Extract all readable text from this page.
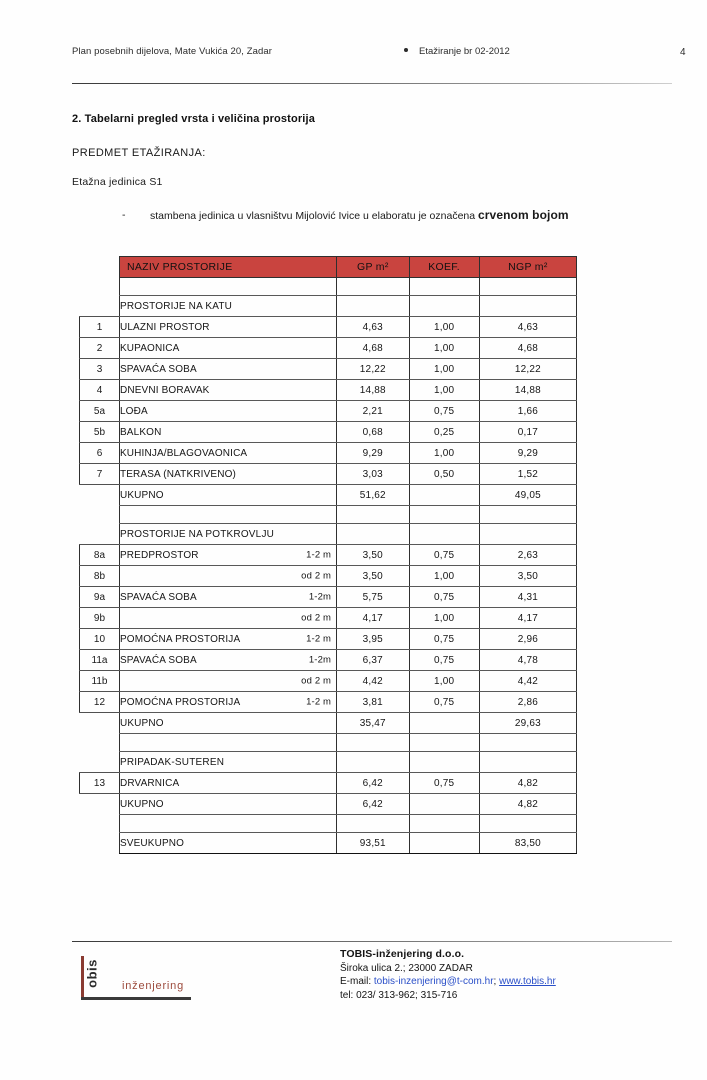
Plan posebnih dijelova, Mate Vukića 20, Zadar	Etažiranje br 02-2012	4
2. Tabelarni pregled vrsta i veličina prostorija
PREDMET ETAŽIRANJA:
Etažna jedinica S1
- stambena jedinica u vlasništvu Mijolović Ivice u elaboratu je označena crvenom bojom
	NAZIV PROSTORIJE	GP m²	KOEF.	NGP m²

	PROSTORIJE NA KATU			
1	ULAZNI PROSTOR	4,63	1,00	4,63
2	KUPAONICA	4,68	1,00	4,68
3	SPAVAĆA SOBA	12,22	1,00	12,22
4	DNEVNI BORAVAK	14,88	1,00	14,88
5a	LOĐA	2,21	0,75	1,66
5b	BALKON	0,68	0,25	0,17
6	KUHINJA/BLAGOVAONICA	9,29	1,00	9,29
7	TERASA (NATKRIVENO)	3,03	0,50	1,52
	UKUPNO	51,62		49,05

	PROSTORIJE NA POTKROVLJU			
8a	PREDPROSTOR 1-2 m	3,50	0,75	2,63
8b	od 2 m	3,50	1,00	3,50
9a	SPAVAĆA SOBA 1-2m	5,75	0,75	4,31
9b	od 2 m	4,17	1,00	4,17
10	POMOĆNA PROSTORIJA 1-2 m	3,95	0,75	2,96
11a	SPAVAĆA SOBA 1-2m	6,37	0,75	4,78
11b	od 2 m	4,42	1,00	4,42
12	POMOĆNA PROSTORIJA 1-2 m	3,81	0,75	2,86
	UKUPNO	35,47		29,63

	PRIPADAK-SUTEREN			
13	DRVARNICA	6,42	0,75	4,82
	UKUPNO	6,42		4,82

	SVEUKUPNO	93,51		83,50
obis inženjering
TOBIS-inženjering d.o.o.
Široka ulica 2.; 23000 ZADAR
E-mail: tobis-inzenjering@t-com.hr; www.tobis.hr
tel: 023/ 313-962; 315-716
